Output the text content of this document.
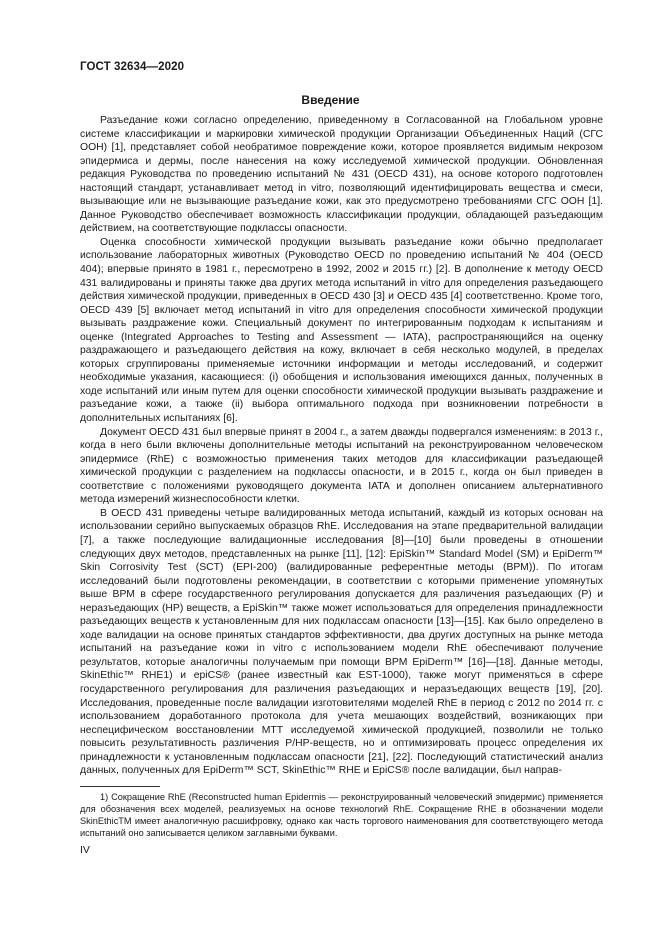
ГОСТ 32634—2020
Введение

Разъедание кожи согласно определению, приведенному в Согласованной на Глобальном уровне системе классификации и маркировки химической продукции Организации Объединенных Наций (СГС ООН) [1], представляет собой необратимое повреждение кожи, которое проявляется видимым некрозом эпидермиса и дермы, после нанесения на кожу исследуемой химической продукции. Обновленная редакция Руководства по проведению испытаний № 431 (OECD 431), на основе которого подготовлен настоящий стандарт, устанавливает метод in vitro, позволяющий идентифицировать вещества и смеси, вызывающие или не вызывающие разъедание кожи, как это предусмотрено требованиями СГС ООН [1]. Данное Руководство обеспечивает возможность классификации продукции, обладающей разъедающим действием, на соответствующие подклассы опасности.

Оценка способности химической продукции вызывать разъедание кожи обычно предполагает использование лабораторных животных (Руководство OECD по проведению испытаний № 404 (OECD 404); впервые принято в 1981 г., пересмотрено в 1992, 2002 и 2015 гг.) [2]. В дополнение к методу OECD 431 валидированы и приняты также два других метода испытаний in vitro для определения разъедающего действия химической продукции, приведенных в OECD 430 [3] и OECD 435 [4] соответственно. Кроме того, OECD 439 [5] включает метод испытаний in vitro для определения способности химической продукции вызывать раздражение кожи. Специальный документ по интегрированным подходам к испытаниям и оценке (Integrated Approaches to Testing and Assessment — IATA), распространяющийся на оценку раздражающего и разъедающего действия на кожу, включает в себя несколько модулей, в пределах которых сгруппированы применяемые источники информации и методы исследований, и содержит необходимые указания, касающиеся: (i) обобщения и использования имеющихся данных, полученных в ходе испытаний или иным путем для оценки способности химической продукции вызывать раздражение и разъедание кожи, а также (ii) выбора оптимального подхода при возникновении потребности в дополнительных испытаниях [6].

Документ OECD 431 был впервые принят в 2004 г., а затем дважды подвергался изменениям: в 2013 г., когда в него были включены дополнительные методы испытаний на реконструированном человеческом эпидермисе (RhE) с возможностью применения таких методов для классификации разъедающей химической продукции с разделением на подклассы опасности, и в 2015 г., когда он был приведен в соответствие с положениями руководящего документа IATA и дополнен описанием альтернативного метода измерений жизнеспособности клетки.

В OECD 431 приведены четыре валидированных метода испытаний, каждый из которых основан на использовании серийно выпускаемых образцов RhE. Исследования на этапе предварительной валидации [7], а также последующие валидационные исследования [8]—[10] были проведены в отношении следующих двух методов, представленных на рынке [11], [12]: EpiSkin™ Standard Model (SM) и EpiDerm™ Skin Corrosivity Test (SCT) (EPI-200) (валидированные референтные методы (ВРМ)). По итогам исследований были подготовлены рекомендации, в соответствии с которыми применение упомянутых выше ВРМ в сфере государственного регулирования допускается для различения разъедающих (Р) и неразъедающих (НР) веществ, а EpiSkin™ также может использоваться для определения принадлежности разъедающих веществ к установленным для них подклассам опасности [13]—[15]. Как было определено в ходе валидации на основе принятых стандартов эффективности, два других доступных на рынке метода испытаний на разъедание кожи in vitro с использованием модели RhE обеспечивают получение результатов, которые аналогичны получаемым при помощи ВРМ EpiDerm™ [16]—[18]. Данные методы, SkinEthic™ RHE1) и epiCS® (ранее известный как EST-1000), также могут применяться в сфере государственного регулирования для различения разъедающих и неразъедающих веществ [19], [20]. Исследования, проведенные после валидации изготовителями моделей RhE в период с 2012 по 2014 гг. с использованием доработанного протокола для учета мешающих воздействий, возникающих при неспецифическом восстановлении МТТ исследуемой химической продукцией, позволили не только повысить результативность различения Р/НР-веществ, но и оптимизировать процесс определения их принадлежности к установленным подклассам опасности [21], [22]. Последующий статистический анализ данных, полученных для EpiDerm™ SCT, SkinEthic™ RHE и EpiCS® после валидации, был направ-

1) Сокращение RhE (Reconstructed human Epidermis — реконструированный человеческий эпидермис) применяется для обозначения всех моделей, реализуемых на основе технологий RhE. Сокращение RHE в обозначении модели SkinEthicTM имеет аналогичную расшифровку, однако как часть торгового наименования для соответствующего метода испытаний оно записывается целиком заглавными буквами.

IV
